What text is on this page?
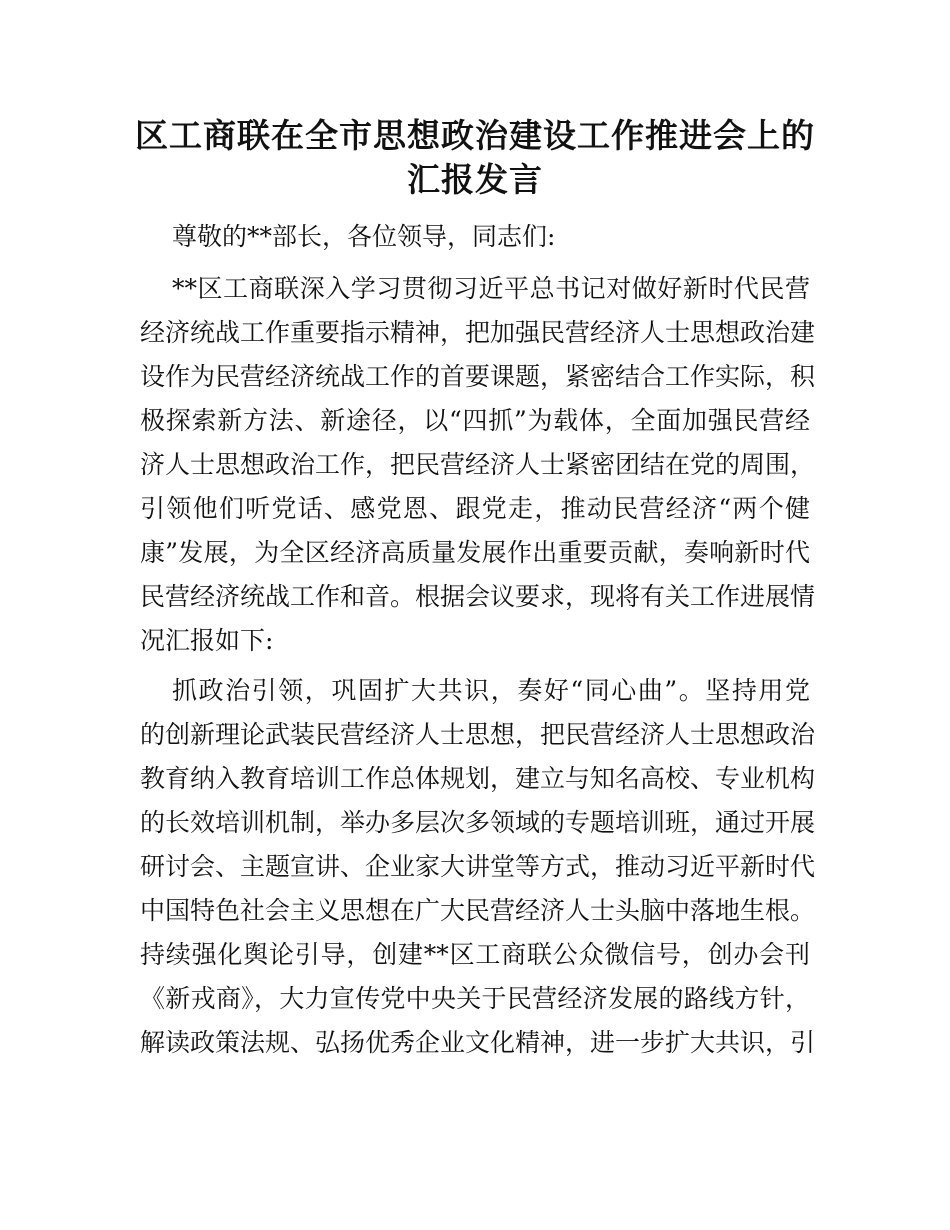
区工商联在全市思想政治建设工作推进会上的
汇报发言

尊敬的**部长，各位领导，同志们:

**区工商联深入学习贯彻习近平总书记对做好新时代民营

经济统战工作重要指示精神，把加强民营经济人士思想政治建

设作为民营经济统战工作的首要课题，紧密结合工作实际，积

极探索新方法、新途径，以“四抓”为载体，全面加强民营经

济人士思想政治工作，把民营经济人士紧密团结在党的周围，

引领他们听党话、感党恩、跟党走，推动民营经济“两个健

康”发展，为全区经济高质量发展作出重要贡献，奏响新时代

民营经济统战工作和音。根据会议要求，现将有关工作进展情

况汇报如下:

抓政治引领，巩固扩大共识，奏好“同心曲”。坚持用党

的创新理论武装民营经济人士思想，把民营经济人士思想政治

教育纳入教育培训工作总体规划，建立与知名高校、专业机构

的长效培训机制，举办多层次多领域的专题培训班，通过开展

研讨会、主题宣讲、企业家大讲堂等方式，推动习近平新时代

中国特色社会主义思想在广大民营经济人士头脑中落地生根。

持续强化舆论引导，创建**区工商联公众微信号，创办会刊

《新戎商》，大力宣传党中央关于民营经济发展的路线方针，

解读政策法规、弘扬优秀企业文化精神，进一步扩大共识，引
